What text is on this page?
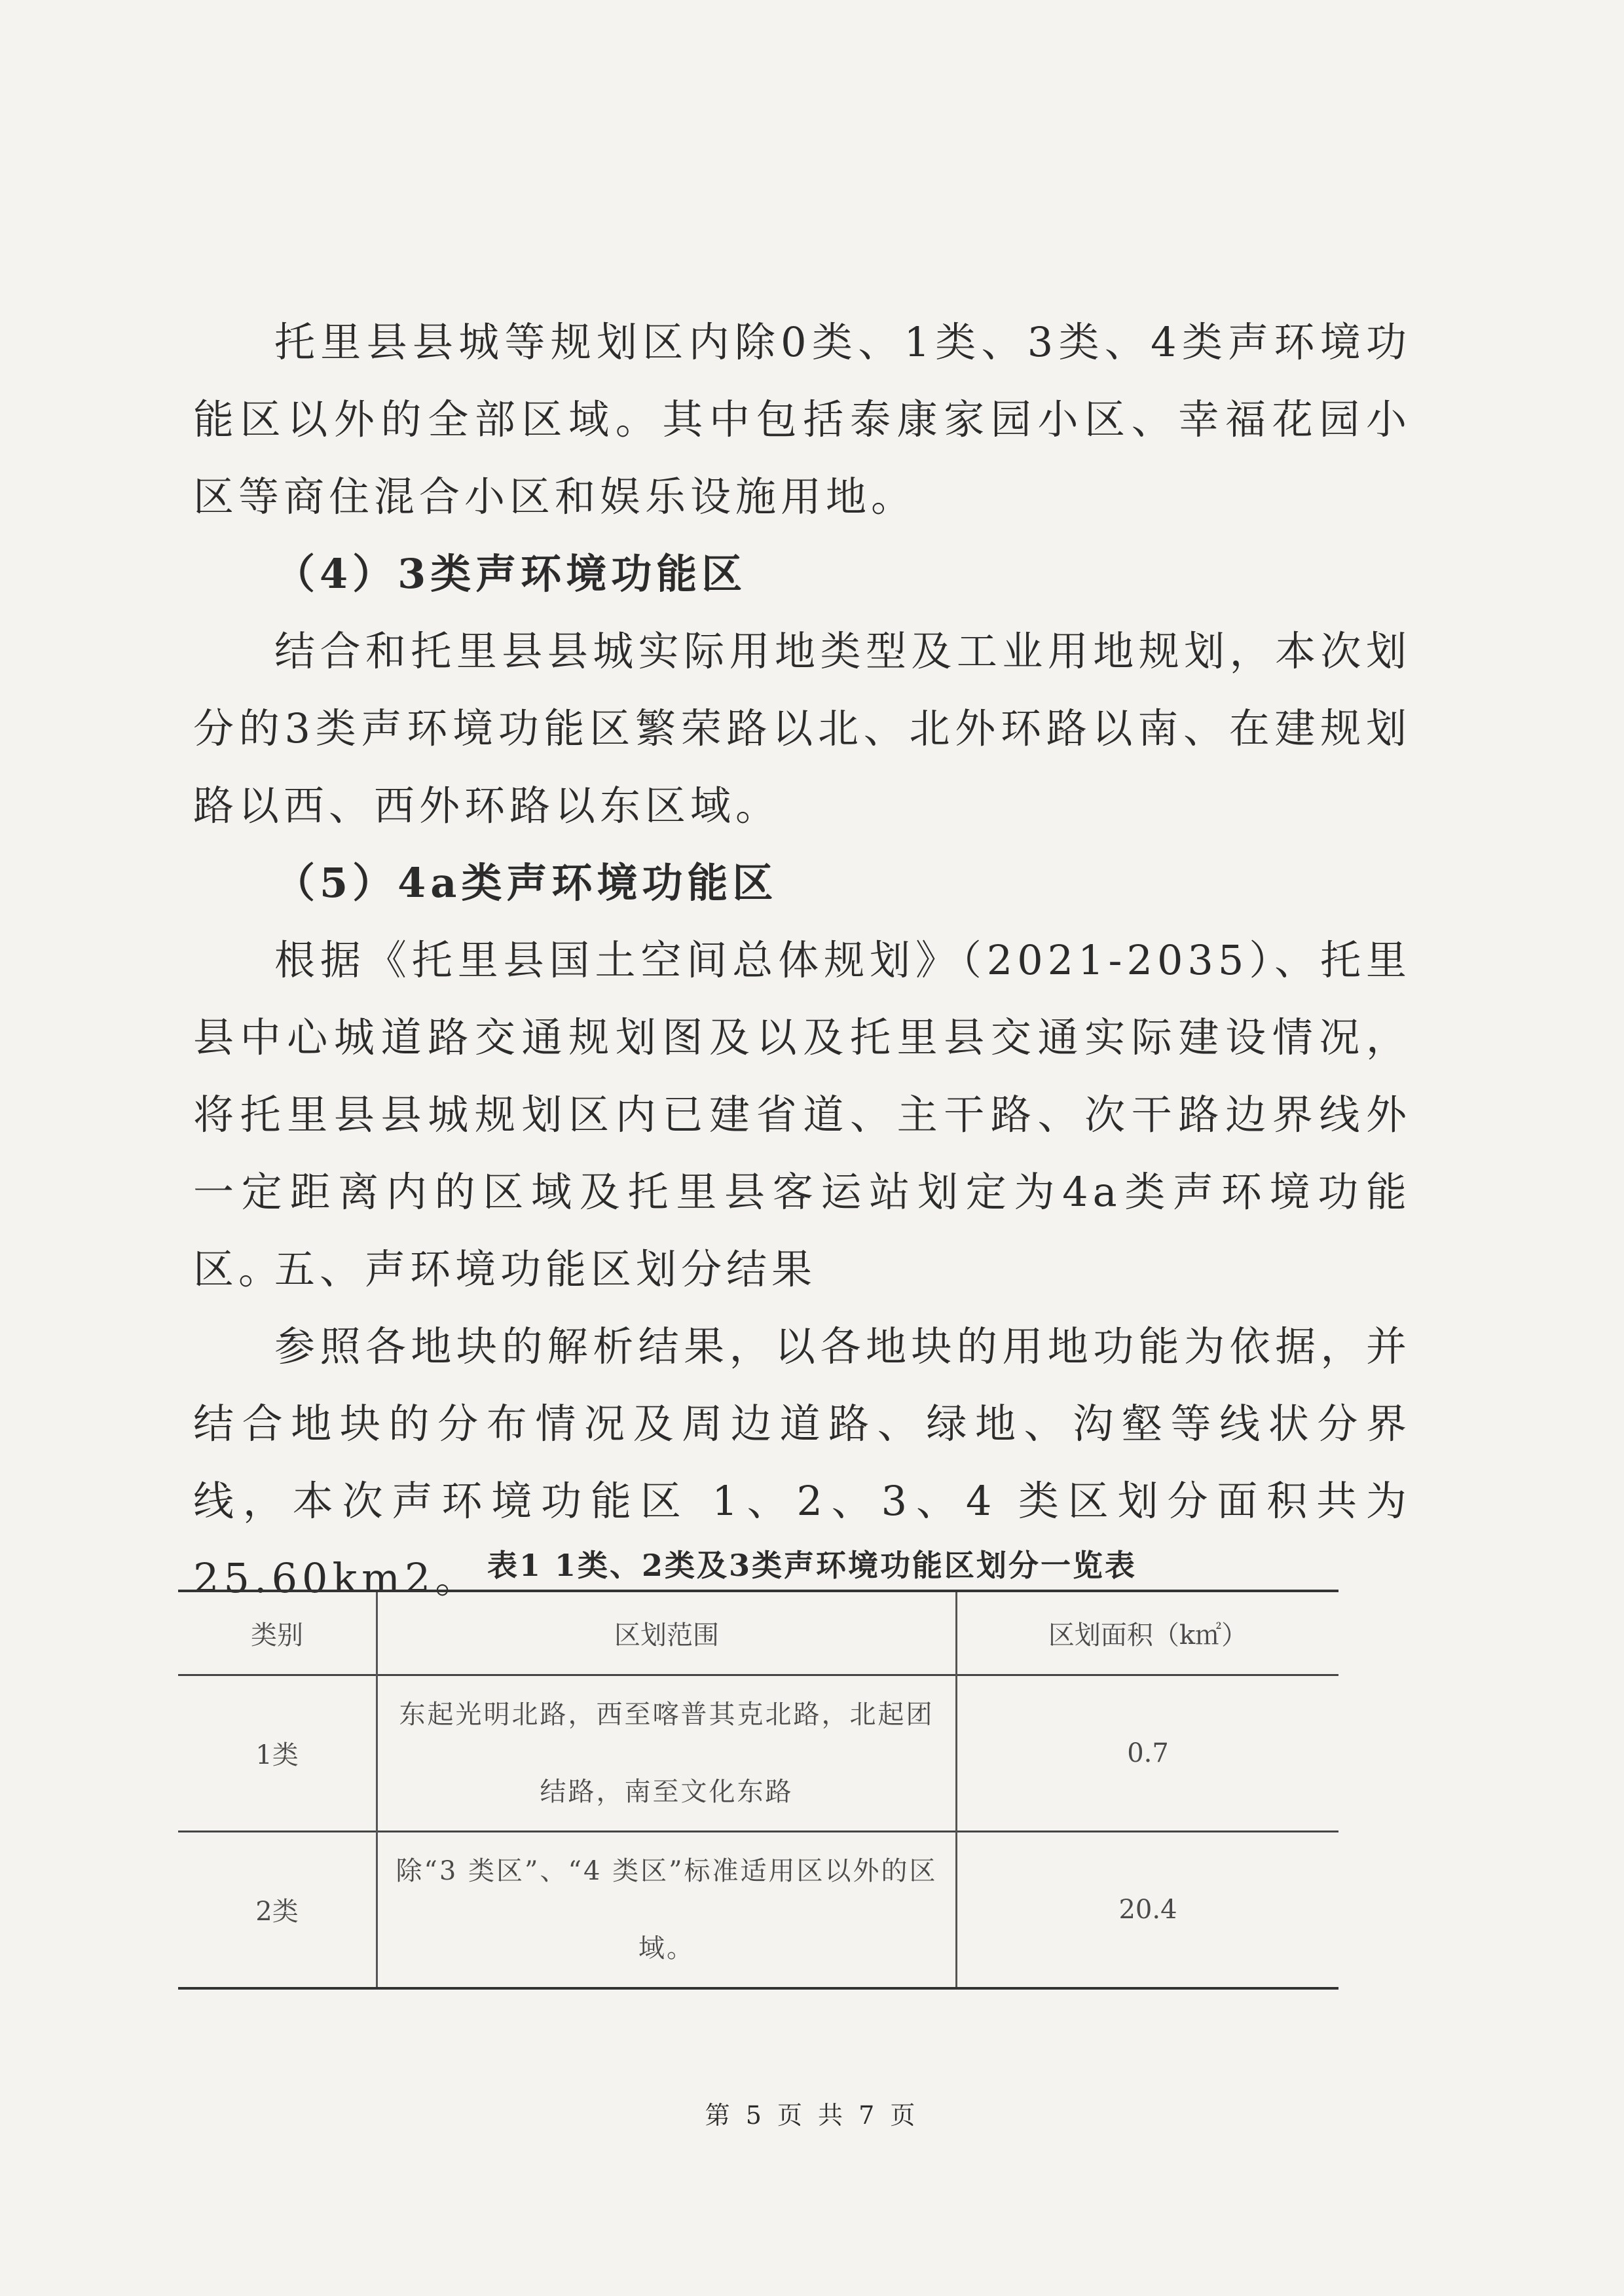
托里县县城等规划区内除0类、1类、3类、4类声环境功能区以外的全部区域。其中包括泰康家园小区、幸福花园小区等商住混合小区和娱乐设施用地。

（4）3类声环境功能区

结合和托里县县城实际用地类型及工业用地规划，本次划分的3类声环境功能区繁荣路以北、北外环路以南、在建规划路以西、西外环路以东区域。

（5）4a类声环境功能区

根据《托里县国土空间总体规划》（2021-2035）、托里县中心城道路交通规划图及以及托里县交通实际建设情况，将托里县县城规划区内已建省道、主干路、次干路边界线外一定距离内的区域及托里县客运站划定为4a类声环境功能区。

五、声环境功能区划分结果

参照各地块的解析结果，以各地块的用地功能为依据，并结合地块的分布情况及周边道路、绿地、沟壑等线状分界线，本次声环境功能区 1、2、3、4 类区划分面积共为25.60km2。 表1 1类、2类及3类声环境功能区划分一览表
类别	区划范围	区划面积（k㎡）
1类	东起光明北路，西至喀普其克北路，北起团结路，南至文化东路	0.7
2类	除“3 类区”、“4 类区”标准适用区以外的区域。	20.4
第 5 页 共 7 页
